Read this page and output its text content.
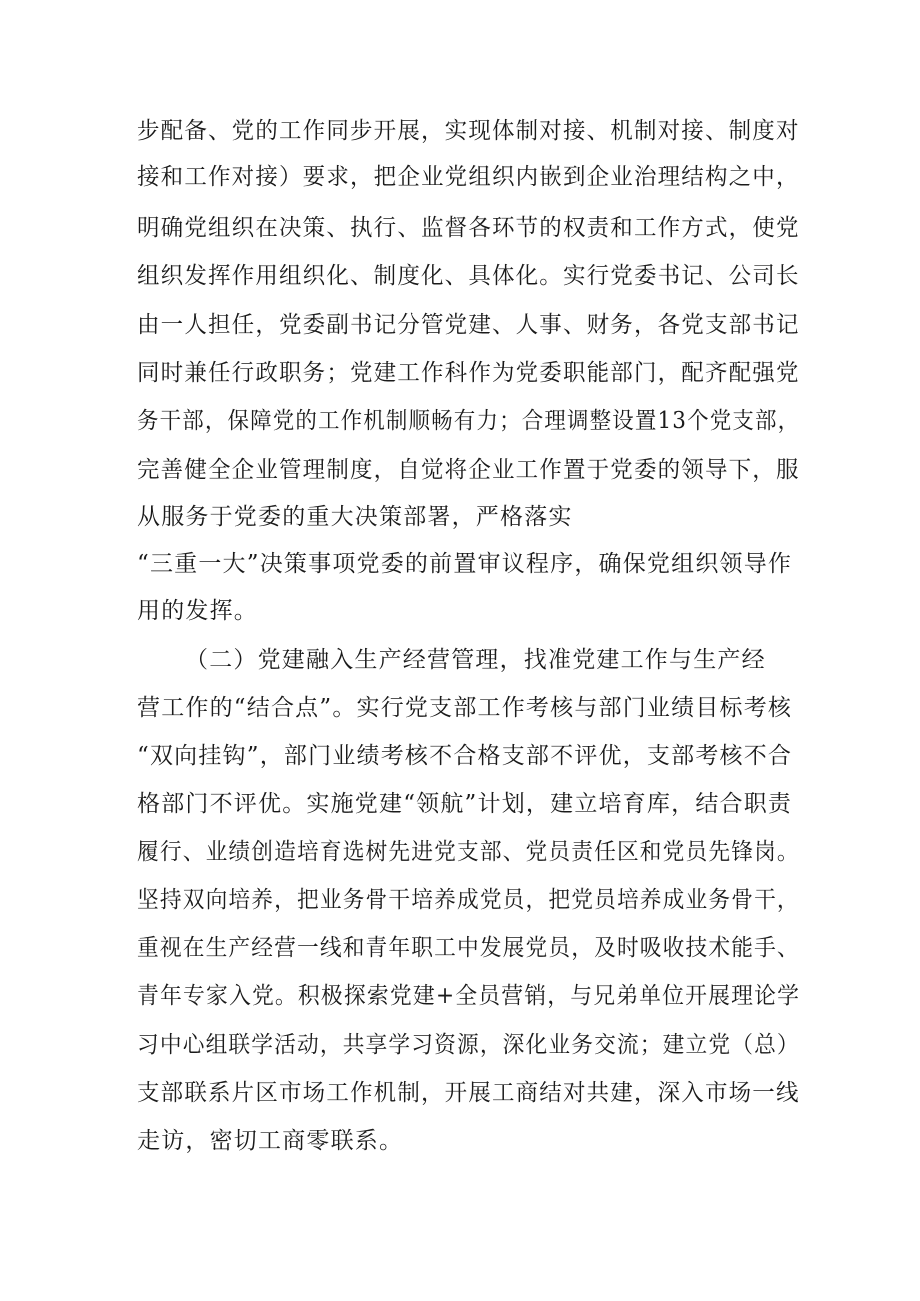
步配备、党的工作同步开展，实现体制对接、机制对接、制度对
接和工作对接）要求，把企业党组织内嵌到企业治理结构之中，
明确党组织在决策、执行、监督各环节的权责和工作方式，使党
组织发挥作用组织化、制度化、具体化。实行党委书记、公司长
由一人担任，党委副书记分管党建、人事、财务，各党支部书记
同时兼任行政职务；党建工作科作为党委职能部门，配齐配强党
务干部，保障党的工作机制顺畅有力；合理调整设置13个党支部，
完善健全企业管理制度，自觉将企业工作置于党委的领导下，服
从服务于党委的重大决策部署，严格落实
“三重一大”决策事项党委的前置审议程序，确保党组织领导作
用的发挥。
（二）党建融入生产经营管理，找准党建工作与生产经
营工作的“结合点”。实行党支部工作考核与部门业绩目标考核
“双向挂钩”，部门业绩考核不合格支部不评优，支部考核不合
格部门不评优。实施党建“领航”计划，建立培育库，结合职责
履行、业绩创造培育选树先进党支部、党员责任区和党员先锋岗。
坚持双向培养，把业务骨干培养成党员，把党员培养成业务骨干，
重视在生产经营一线和青年职工中发展党员，及时吸收技术能手、
青年专家入党。积极探索党建+全员营销，与兄弟单位开展理论学
习中心组联学活动，共享学习资源，深化业务交流；建立党（总）
支部联系片区市场工作机制，开展工商结对共建，深入市场一线
走访，密切工商零联系。
